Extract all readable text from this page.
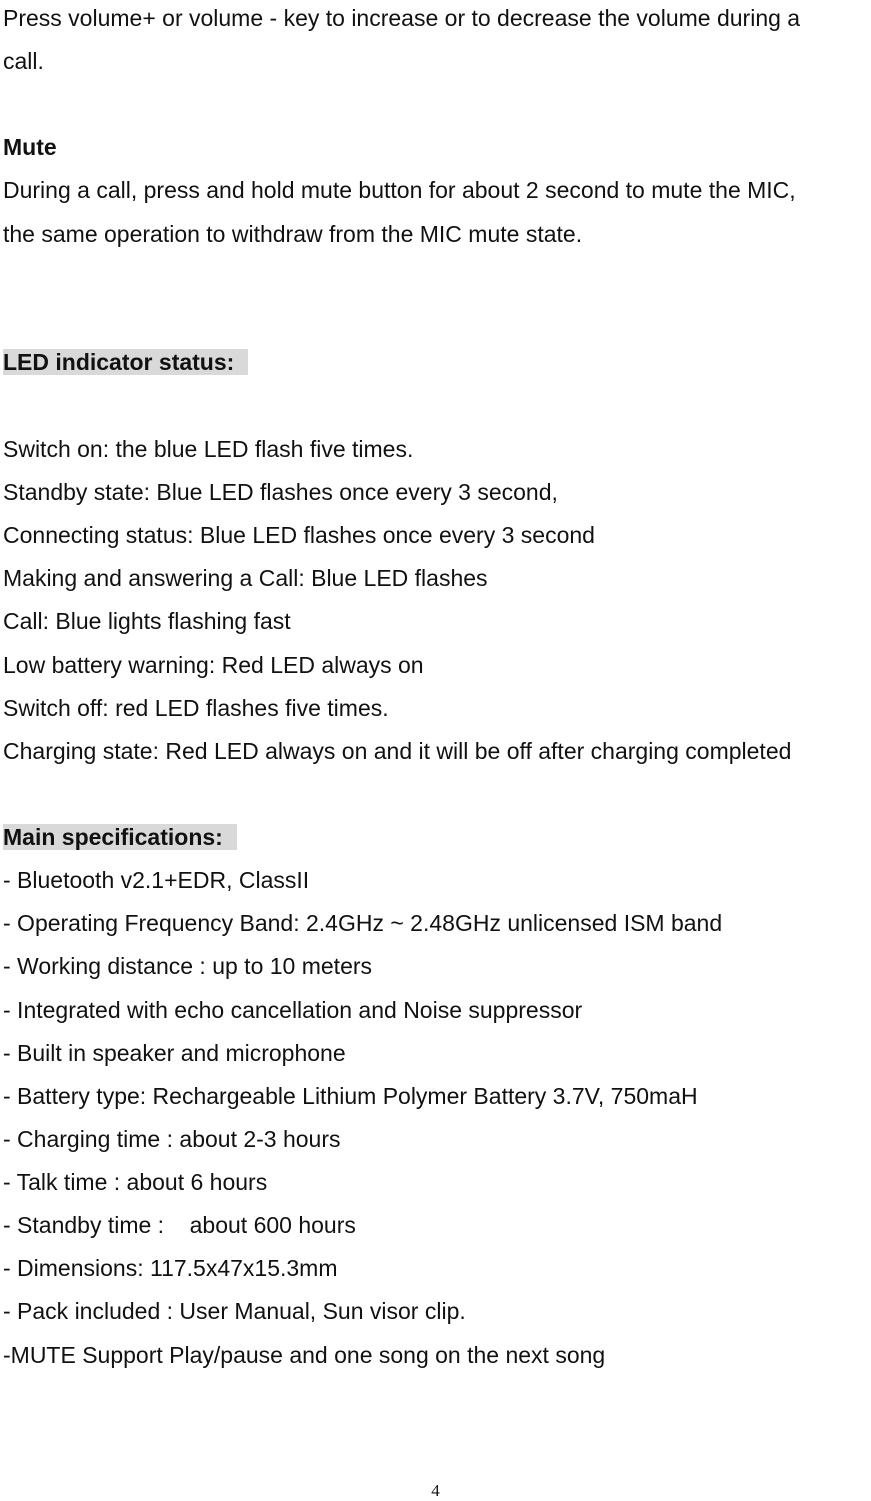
Press volume+ or volume - key to increase or to decrease the volume during a
call.
Mute
During a call, press and hold mute button for about 2 second to mute the MIC,
the same operation to withdraw from the MIC mute state.
LED indicator status:
Switch on: the blue LED flash five times.
Standby state: Blue LED flashes once every 3 second,
Connecting status: Blue LED flashes once every 3 second
Making and answering a Call: Blue LED flashes
Call: Blue lights flashing fast
Low battery warning: Red LED always on
Switch off: red LED flashes five times.
Charging state: Red LED always on and it will be off after charging completed
Main specifications:
- Bluetooth v2.1+EDR, ClassII
- Operating Frequency Band: 2.4GHz ~ 2.48GHz unlicensed ISM band
- Working distance : up to 10 meters
- Integrated with echo cancellation and Noise suppressor
- Built in speaker and microphone
- Battery type: Rechargeable Lithium Polymer Battery 3.7V, 750maH
- Charging time : about 2-3 hours
- Talk time : about 6 hours
- Standby time :    about 600 hours
- Dimensions: 117.5x47x15.3mm
- Pack included : User Manual, Sun visor clip.
-MUTE Support Play/pause and one song on the next song
4
